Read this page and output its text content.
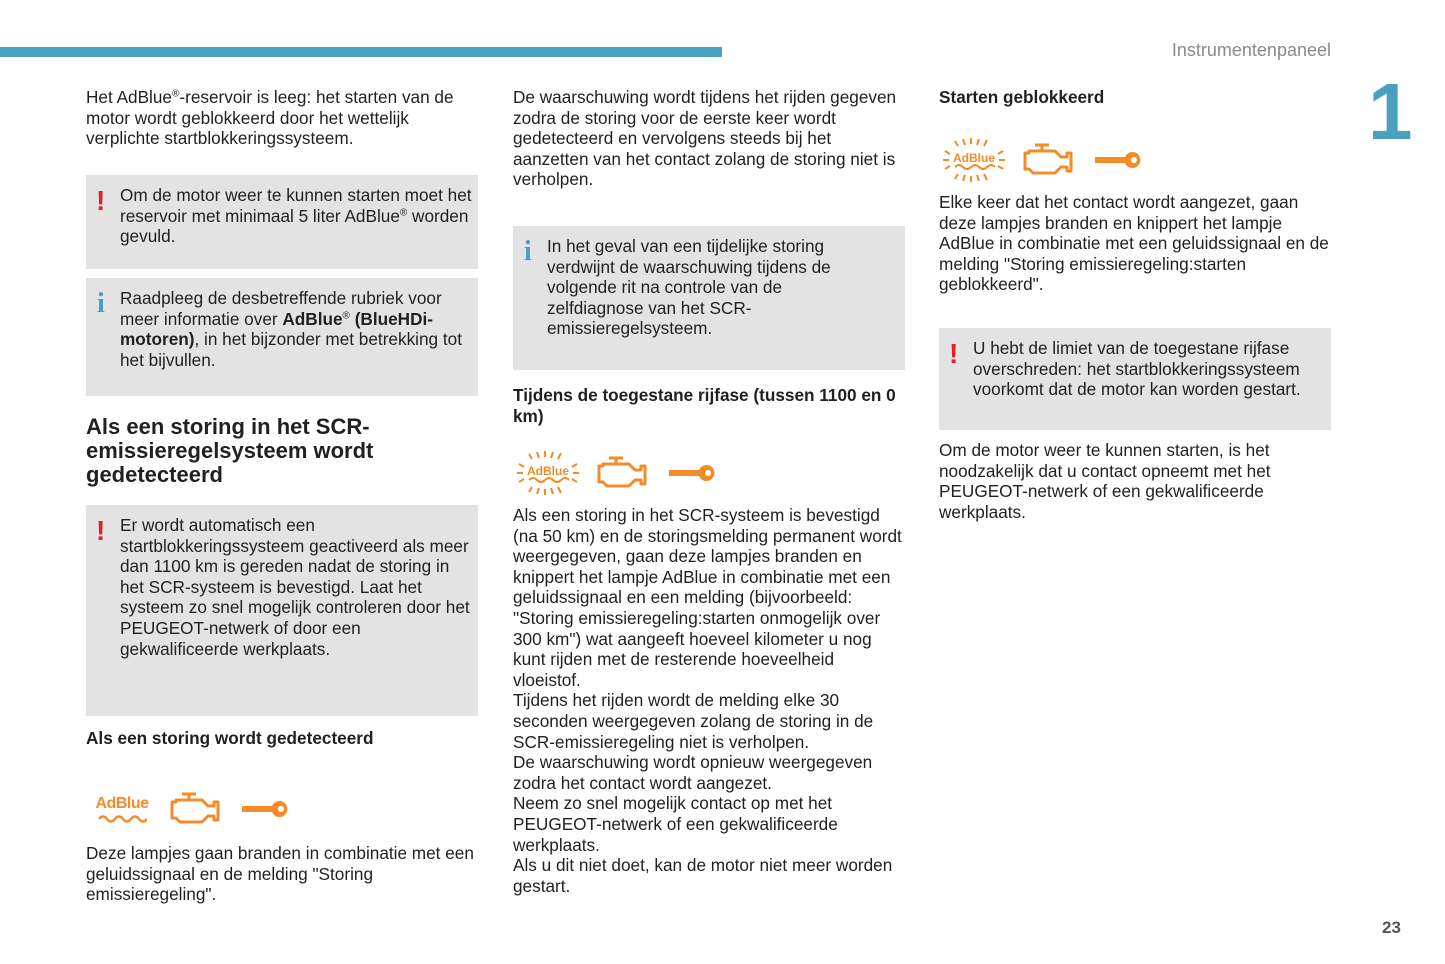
Instrumentenpaneel
1
23

Het AdBlue®-reservoir is leeg: het starten van de motor wordt geblokkeerd door het wettelijk verplichte startblokkeringssysteem.

! Om de motor weer te kunnen starten moet het reservoir met minimaal 5 liter AdBlue® worden gevuld.
i Raadpleeg de desbetreffende rubriek voor meer informatie over AdBlue® (BlueHDi-motoren), in het bijzonder met betrekking tot het bijvullen.
Als een storing in het SCR-emissieregelsysteem wordt gedetecteerd
! Er wordt automatisch een startblokkeringssysteem geactiveerd als meer dan 1100 km is gereden nadat de storing in het SCR-systeem is bevestigd. Laat het systeem zo snel mogelijk controleren door het PEUGEOT-netwerk of door een gekwalificeerde werkplaats.
Als een storing wordt gedetecteerd
AdBlue
Deze lampjes gaan branden in combinatie met een geluidssignaal en de melding "Storing emissieregeling".
De waarschuwing wordt tijdens het rijden gegeven zodra de storing voor de eerste keer wordt gedetecteerd en vervolgens steeds bij het aanzetten van het contact zolang de storing niet is verholpen.
i In het geval van een tijdelijke storing verdwijnt de waarschuwing tijdens de volgende rit na controle van de zelfdiagnose van het SCR-emissieregelsysteem.
Tijdens de toegestane rijfase (tussen 1100 en 0 km)
AdBlue

Als een storing in het SCR-systeem is bevestigd (na 50 km) en de storingsmelding permanent wordt weergegeven, gaan deze lampjes branden en knippert het lampje AdBlue in combinatie met een geluidssignaal en een melding (bijvoorbeeld: "Storing emissieregeling:starten onmogelijk over 300 km") wat aangeeft hoeveel kilometer u nog kunt rijden met de resterende hoeveelheid vloeistof.

Tijdens het rijden wordt de melding elke 30 seconden weergegeven zolang de storing in de SCR-emissieregeling niet is verholpen.

De waarschuwing wordt opnieuw weergegeven zodra het contact wordt aangezet.

Neem zo snel mogelijk contact op met het PEUGEOT-netwerk of een gekwalificeerde werkplaats.

Als u dit niet doet, kan de motor niet meer worden gestart.

Starten geblokkeerd
AdBlue
Elke keer dat het contact wordt aangezet, gaan deze lampjes branden en knippert het lampje AdBlue in combinatie met een geluidssignaal en de melding "Storing emissieregeling:starten geblokkeerd".
! U hebt de limiet van de toegestane rijfase overschreden: het startblokkeringssysteem voorkomt dat de motor kan worden gestart.
Om de motor weer te kunnen starten, is het noodzakelijk dat u contact opneemt met het PEUGEOT-netwerk of een gekwalificeerde werkplaats.
